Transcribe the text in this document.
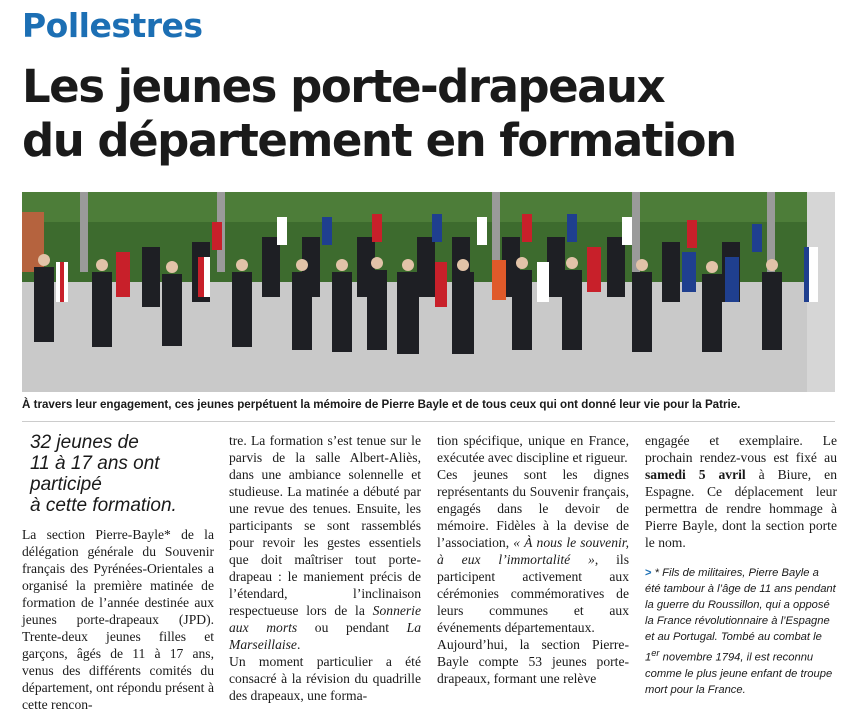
Pollestres
Les jeunes porte-drapeaux
du département en formation
À travers leur engagement, ces jeunes perpétuent la mémoire de Pierre Bayle et de tous ceux qui ont donné leur vie pour la Patrie.
32 jeunes de
11 à 17 ans ont
participé
à cette formation.

La section Pierre-Bayle* de la délégation générale du Souvenir français des Pyrénées-Orientales a organisé la première matinée de formation de l’année destinée aux jeunes porte-drapeaux (JPD). Trente-deux jeunes filles et garçons, âgés de 11 à 17 ans, venus des différents comités du département, ont répondu présent à cette rencon-

tre. La formation s’est tenue sur le parvis de la salle Albert-Aliès, dans une ambiance solennelle et studieuse. La matinée a débuté par une revue des tenues. Ensuite, les participants se sont rassemblés pour revoir les gestes essentiels que doit maîtriser tout porte-drapeau : le maniement précis de l’étendard, l’inclinaison respectueuse lors de la Sonnerie aux morts ou pendant La Marseillaise.

Un moment particulier a été consacré à la révision du quadrille des drapeaux, une forma-

tion spécifique, unique en France, exécutée avec discipline et rigueur.

Ces jeunes sont les dignes représentants du Souvenir français, engagés dans le devoir de mémoire. Fidèles à la devise de l’association, « À nous le souvenir, à eux l’immortalité », ils participent activement aux cérémonies commémoratives de leurs communes et aux événements départementaux.

Aujourd’hui, la section Pierre-Bayle compte 53 jeunes porte-drapeaux, formant une relève

engagée et exemplaire. Le prochain rendez-vous est fixé au samedi 5 avril à Biure, en Espagne. Ce déplacement leur permettra de rendre hommage à Pierre Bayle, dont la section porte le nom.

> * Fils de militaires, Pierre Bayle a été tambour à l’âge de 11 ans pendant la guerre du Roussillon, qui a opposé la France révolutionnaire à l’Espagne et au Portugal. Tombé au combat le 1er novembre 1794, il est reconnu comme le plus jeune enfant de troupe mort pour la France.
